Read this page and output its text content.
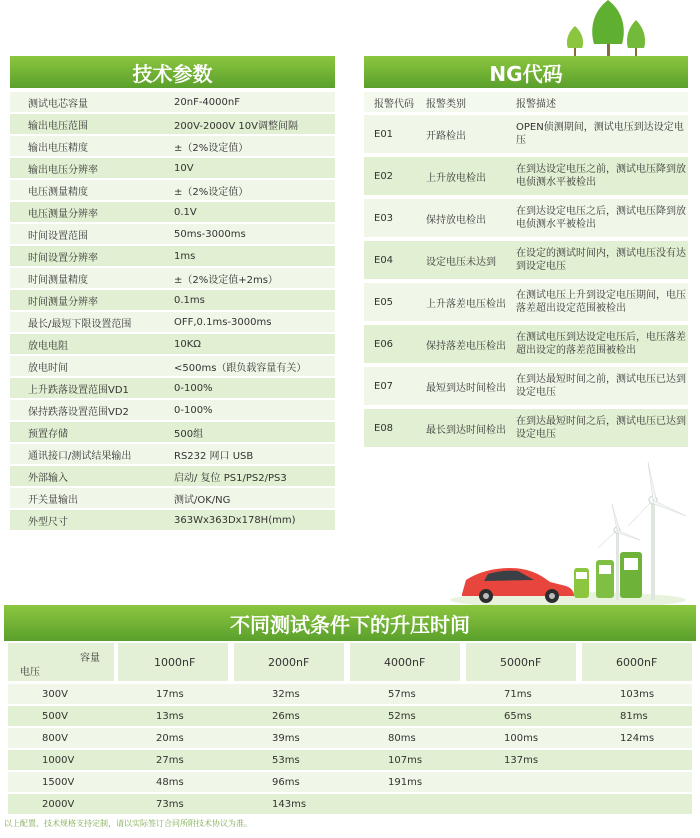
技术参数
测试电芯容量	20nF-4000nF
输出电压范围	200V-2000V 10V调整间隔
输出电压精度	±（2%设定值）
输出电压分辨率	10V
电压测量精度	±（2%设定值）
电压测量分辨率	0.1V
时间设置范围	50ms-3000ms
时间设置分辨率	1ms
时间测量精度	±（2%设定值+2ms）
时间测量分辨率	0.1ms
最长/最短下限设置范围	OFF,0.1ms-3000ms
放电电阻	10KΩ
放电时间	<500ms（跟负载容量有关）
上升跌落设置范围VD1	0-100%
保持跌落设置范围VD2	0-100%
预置存储	500组
通讯接口/测试结果输出	RS232 网口 USB
外部输入	启动/ 复位 PS1/PS2/PS3
开关量输出	测试/OK/NG
外型尺寸	363Wx363Dx178H(mm)
NG代码
报警代码	报警类别	报警描述
E01	开路检出
OPEN侦测期间，测试电压到达设定电压
E02	上升放电检出
在到达设定电压之前，测试电压降到放电侦测水平被检出
E03	保持放电检出
在到达设定电压之后，测试电压降到放电侦测水平被检出
E04	设定电压未达到
在设定的测试时间内，测试电压没有达到设定电压
E05	上升落差电压检出
在测试电压上升到设定电压期间，电压落差超出设定范围被检出
E06	保持落差电压检出
在测试电压到达设定电压后，电压落差超出设定的落差范围被检出
E07	最短到达时间检出
在到达最短时间之前，测试电压已达到设定电压
E08	最长到达时间检出
在到达最短时间之后，测试电压已达到设定电压
不同测试条件下的升压时间
容量
电压
1000nF	2000nF	4000nF	5000nF	6000nF
300V	17ms	32ms	57ms	71ms	103ms
500V	13ms	26ms	52ms	65ms	81ms
800V	20ms	39ms	80ms	100ms	124ms
1000V	27ms	53ms	107ms	137ms
1500V	48ms	96ms	191ms
2000V	73ms	143ms
以上配置、技术规格支持定制，请以实际签订合同所附技术协议为准。
